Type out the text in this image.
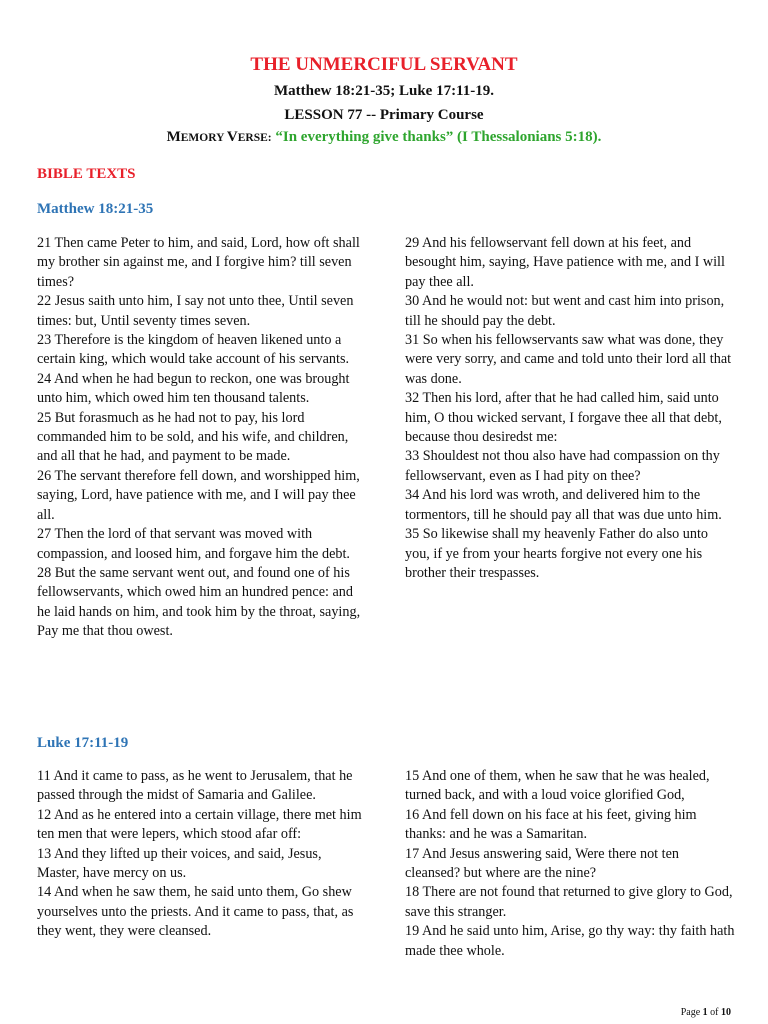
THE UNMERCIFUL SERVANT
Matthew 18:21-35; Luke 17:11-19.
LESSON 77 -- Primary Course
MEMORY VERSE: “In everything give thanks” (I Thessalonians 5:18).
BIBLE TEXTS
Matthew 18:21-35

21 Then came Peter to him, and said, Lord, how oft shall my brother sin against me, and I forgive him? till seven times?

22 Jesus saith unto him, I say not unto thee, Until seven times: but, Until seventy times seven.

23 Therefore is the kingdom of heaven likened unto a certain king, which would take account of his servants.

24 And when he had begun to reckon, one was brought unto him, which owed him ten thousand talents.

25 But forasmuch as he had not to pay, his lord commanded him to be sold, and his wife, and children, and all that he had, and payment to be made.

26 The servant therefore fell down, and worshipped him, saying, Lord, have patience with me, and I will pay thee all.

27 Then the lord of that servant was moved with compassion, and loosed him, and forgave him the debt.

28 But the same servant went out, and found one of his fellowservants, which owed him an hundred pence: and he laid hands on him, and took him by the throat, saying, Pay me that thou owest.

29 And his fellowservant fell down at his feet, and besought him, saying, Have patience with me, and I will pay thee all.

30 And he would not: but went and cast him into prison, till he should pay the debt.

31 So when his fellowservants saw what was done, they were very sorry, and came and told unto their lord all that was done.

32 Then his lord, after that he had called him, said unto him, O thou wicked servant, I forgave thee all that debt, because thou desiredst me:

33 Shouldest not thou also have had compassion on thy fellowservant, even as I had pity on thee?

34 And his lord was wroth, and delivered him to the tormentors, till he should pay all that was due unto him.

35 So likewise shall my heavenly Father do also unto you, if ye from your hearts forgive not every one his brother their trespasses.

Luke 17:11-19

11 And it came to pass, as he went to Jerusalem, that he passed through the midst of Samaria and Galilee.

12 And as he entered into a certain village, there met him ten men that were lepers, which stood afar off:

13 And they lifted up their voices, and said, Jesus, Master, have mercy on us.

14 And when he saw them, he said unto them, Go shew yourselves unto the priests. And it came to pass, that, as they went, they were cleansed.

15 And one of them, when he saw that he was healed, turned back, and with a loud voice glorified God,

16 And fell down on his face at his feet, giving him thanks: and he was a Samaritan.

17 And Jesus answering said, Were there not ten cleansed? but where are the nine?

18 There are not found that returned to give glory to God, save this stranger.

19 And he said unto him, Arise, go thy way: thy faith hath made thee whole.

Page 1 of 10
